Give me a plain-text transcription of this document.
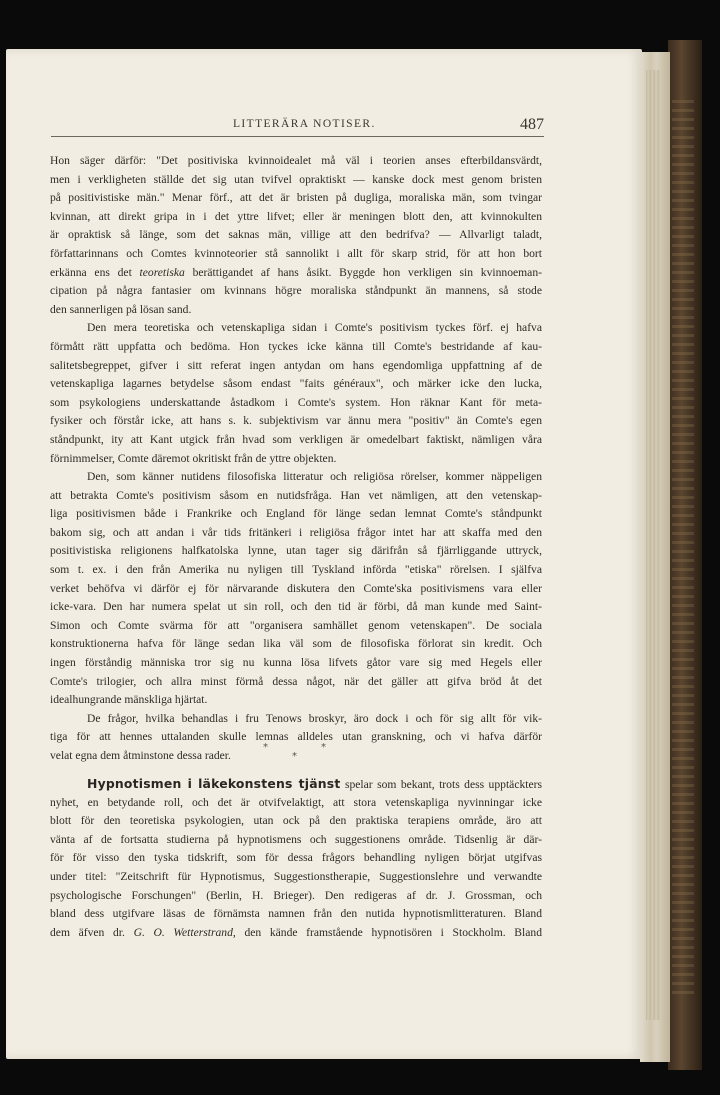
LITTERÄRA NOTISER.	487
Hon säger därför: "Det positiviska kvinnoidealet må väl i teorien anses efterbildansvärdt,
men i verkligheten ställde det sig utan tvifvel opraktiskt — kanske dock mest genom bristen
på positivistiske män." Menar förf., att det är bristen på dugliga, moraliska män, som tvingar
kvinnan, att direkt gripa in i det yttre lifvet; eller är meningen blott den, att kvinnokulten
är opraktisk så länge, som det saknas män, villige att den bedrifva? — Allvarligt taladt,
författarinnans och Comtes kvinnoteorier stå sannolikt i allt för skarp strid, för att hon bort
erkänna ens det teoretiska berättigandet af hans åsikt. Byggde hon verkligen sin kvinnoeman-
cipation på några fantasier om kvinnans högre moraliska ståndpunkt än mannens, så stode
den sannerligen på lösan sand.
Den mera teoretiska och vetenskapliga sidan i Comte's positivism tyckes förf. ej hafva
förmått rätt uppfatta och bedöma. Hon tyckes icke känna till Comte's bestridande af kau-
salitetsbegreppet, gifver i sitt referat ingen antydan om hans egendomliga uppfattning af de
vetenskapliga lagarnes betydelse såsom endast "faits généraux", och märker icke den lucka,
som psykologiens underskattande åstadkom i Comte's system. Hon räknar Kant för meta-
fysiker och förstår icke, att hans s. k. subjektivism var ännu mera "positiv" än Comte's egen
ståndpunkt, ity att Kant utgick från hvad som verkligen är omedelbart faktiskt, nämligen våra
förnimmelser, Comte däremot okritiskt från de yttre objekten.
Den, som känner nutidens filosofiska litteratur och religiösa rörelser, kommer näppeligen
att betrakta Comte's positivism såsom en nutidsfråga. Han vet nämligen, att den vetenskap-
liga positivismen både i Frankrike och England för länge sedan lemnat Comte's ståndpunkt
bakom sig, och att andan i vår tids fritänkeri i religiösa frågor intet har att skaffa med den
positivistiska religionens halfkatolska lynne, utan tager sig därifrån så fjärrliggande uttryck,
som t. ex. i den från Amerika nu nyligen till Tyskland införda "etiska" rörelsen. I själfva
verket behöfva vi därför ej för närvarande diskutera den Comte'ska positivismens vara eller
icke-vara. Den har numera spelat ut sin roll, och den tid är förbi, då man kunde med Saint-
Simon och Comte svärma för att "organisera samhället genom vetenskapen". De sociala
konstruktionerna hafva för länge sedan lika väl som de filosofiska förlorat sin kredit. Och
ingen förståndig människa tror sig nu kunna lösa lifvets gåtor vare sig med Hegels eller
Comte's trilogier, och allra minst förmå dessa något, när det gäller att gifva bröd åt det
idealhungrande mänskliga hjärtat.
De frågor, hvilka behandlas i fru Tenows broskyr, äro dock i och för sig allt för vik-
tiga för att hennes uttalanden skulle lemnas alldeles utan granskning, och vi hafva därför
velat egna dem åtminstone dessa rader.
*
*
*
Hypnotismen i läkekonstens tjänst spelar som bekant, trots dess upptäckters
nyhet, en betydande roll, och det är otvifvelaktigt, att stora vetenskapliga nyvinningar icke
blott för den teoretiska psykologien, utan ock på den praktiska terapiens område, äro att
vänta af de fortsatta studierna på hypnotismens och suggestionens område. Tidsenlig är där-
för för visso den tyska tidskrift, som för dessa frågors behandling nyligen börjat utgifvas
under titel: "Zeitschrift für Hypnotismus, Suggestionstherapie, Suggestionslehre und verwandte
psychologische Forschungen" (Berlin, H. Brieger). Den redigeras af dr. J. Grossman, och
bland dess utgifvare läsas de förnämsta namnen från den nutida hypnotismlitteraturen. Bland
dem äfven dr. G. O. Wetterstrand, den kände framstående hypnotisören i Stockholm. Bland
